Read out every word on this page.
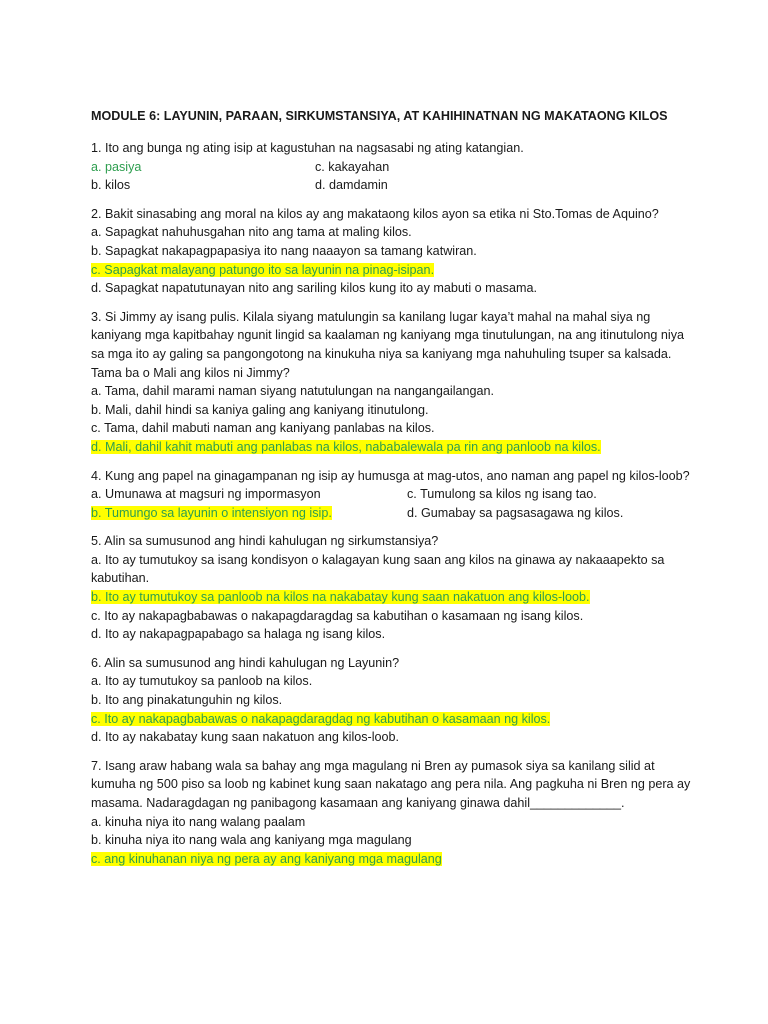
MODULE 6: LAYUNIN, PARAAN, SIRKUMSTANSIYA, AT KAHIHINATNAN NG MAKATAONG KILOS
1. Ito ang bunga ng ating isip at kagustuhan na nagsasabi ng ating katangian.
a. pasiya	c. kakayahan
b. kilos	d. damdamin
2. Bakit sinasabing ang moral na kilos ay ang makataong kilos ayon sa etika ni Sto.Tomas de Aquino?
a. Sapagkat nahuhusgahan nito ang tama at maling kilos.
b. Sapagkat nakapagpapasiya ito nang naaayon sa tamang katwiran.
c. Sapagkat malayang patungo ito sa layunin na pinag-isipan.
d. Sapagkat napatutunayan nito ang sariling kilos kung ito ay mabuti o masama.
3. Si Jimmy ay isang pulis. Kilala siyang matulungin sa kanilang lugar kaya’t mahal na mahal siya ng kaniyang mga kapitbahay ngunit lingid sa kaalaman ng kaniyang mga tinutulungan, na ang itinutulong niya sa mga ito ay galing sa pangongotong na kinukuha niya sa kaniyang mga nahuhuling tsuper sa kalsada. Tama ba o Mali ang kilos ni Jimmy?
a. Tama, dahil marami naman siyang natutulungan na nangangailangan.
b. Mali, dahil hindi sa kaniya galing ang kaniyang itinutulong.
c. Tama, dahil mabuti naman ang kaniyang panlabas na kilos.
d. Mali, dahil kahit mabuti ang panlabas na kilos, nababalewala pa rin ang panloob na kilos.
4. Kung ang papel na ginagampanan ng isip ay humusga at mag-utos, ano naman ang papel ng kilos-loob?
a. Umunawa at magsuri ng impormasyon	c. Tumulong sa kilos ng isang tao.
b. Tumungo sa layunin o intensiyon ng isip.	d. Gumabay sa pagsasagawa ng kilos.
5. Alin sa sumusunod ang hindi kahulugan ng sirkumstansiya?
a. Ito ay tumutukoy sa isang kondisyon o kalagayan kung saan ang kilos na ginawa ay nakaaapekto sa kabutihan.
b. Ito ay tumutukoy sa panloob na kilos na nakabatay kung saan nakatuon ang kilos-loob.
c. Ito ay nakapagbabawas o nakapagdaragdag sa kabutihan o kasamaan ng isang kilos.
d. Ito ay nakapagpapabago sa halaga ng isang kilos.
6. Alin sa sumusunod ang hindi kahulugan ng Layunin?
a. Ito ay tumutukoy sa panloob na kilos.
b. Ito ang pinakatunguhin ng kilos.
c. Ito ay nakapagbabawas o nakapagdaragdag ng kabutihan o kasamaan ng kilos.
d. Ito ay nakabatay kung saan nakatuon ang kilos-loob.
7. Isang araw habang wala sa bahay ang mga magulang ni Bren ay pumasok siya sa kanilang silid at kumuha ng 500 piso sa loob ng kabinet kung saan nakatago ang pera nila. Ang pagkuha ni Bren ng pera ay masama. Nadaragdagan ng panibagong kasamaan ang kaniyang ginawa dahil_____________.
a. kinuha niya ito nang walang paalam
b. kinuha niya ito nang wala ang kaniyang mga magulang
c. ang kinuhanan niya ng pera ay ang kaniyang mga magulang
